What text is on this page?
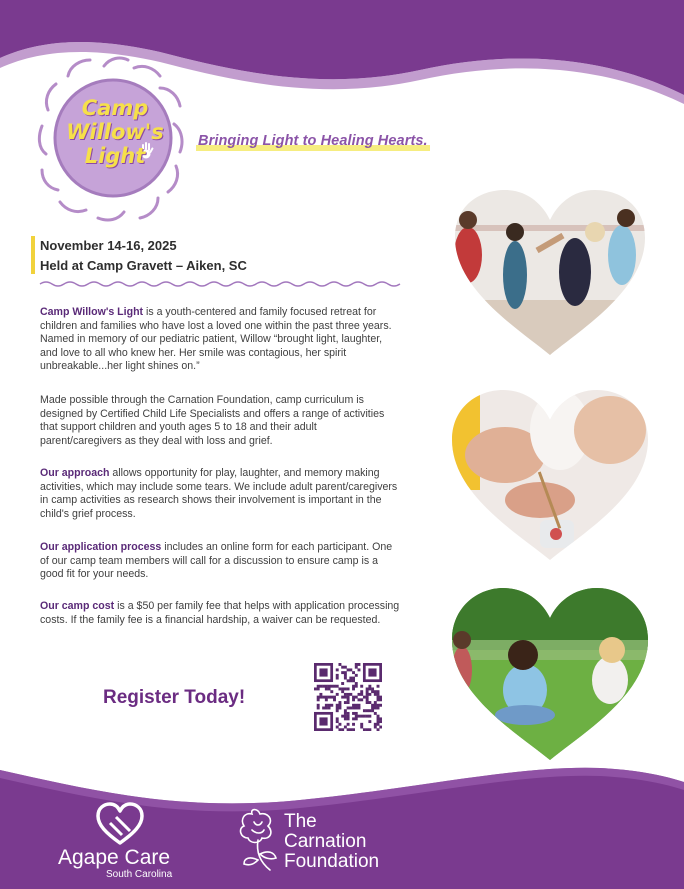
Camp
Willow's
Light
Bringing Light to Healing Hearts.
November 14-16, 2025
Held at Camp Gravett – Aiken, SC
Camp Willow's Light is a youth-centered and family focused retreat for children and families who have lost a loved one within the past three years. Named in memory of our pediatric patient, Willow “brought light, laughter, and love to all who knew her. Her smile was contagious, her spirit unbreakable...her light shines on.”
Made possible through the Carnation Foundation, camp curriculum is designed by Certified Child Life Specialists and offers a range of activities that support children and youth ages 5 to 18 and their adult parent/caregivers as they deal with loss and grief.
Our approach allows opportunity for play, laughter, and memory making activities, which may include some tears. We include adult parent/caregivers in camp activities as research shows their involvement is important in the child's grief process.
Our application process includes an online form for each participant. One of our camp team members will call for a discussion to ensure camp is a good fit for your needs.
Our camp cost is a $50 per family fee that helps with application processing costs. If the family fee is a financial hardship, a waiver can be requested.
Register Today!
Agape Care
South Carolina
The
Carnation
Foundation
